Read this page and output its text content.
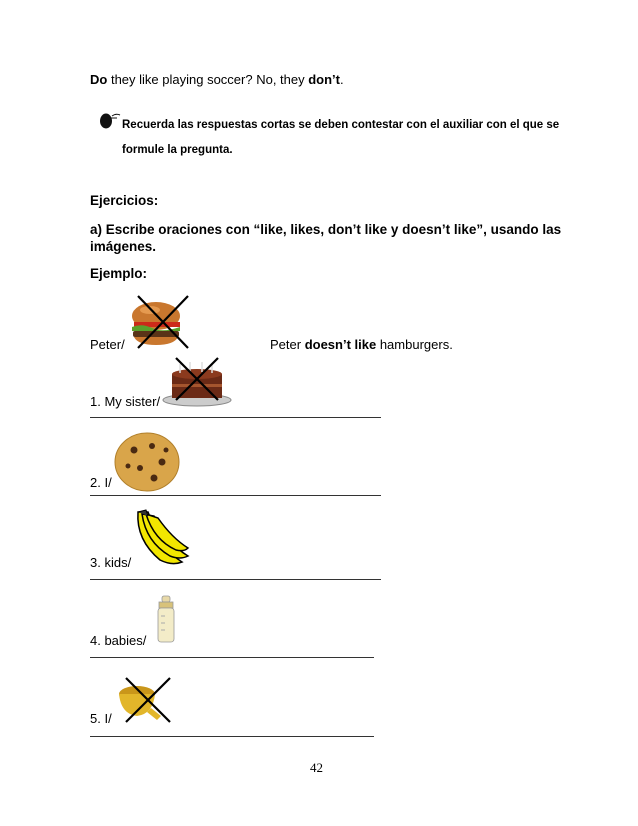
Do they like playing soccer? No, they don’t.
Recuerda las respuestas cortas se deben contestar con el auxiliar con el que se
formule la pregunta.
Ejercicios:
a) Escribe oraciones con “like, likes, don’t like y doesn’t like”, usando las
imágenes.
Ejemplo:
Peter/	Peter doesn’t like hamburgers.
1. My sister/
2. I/
3. kids/
4. babies/
5. I/
42
